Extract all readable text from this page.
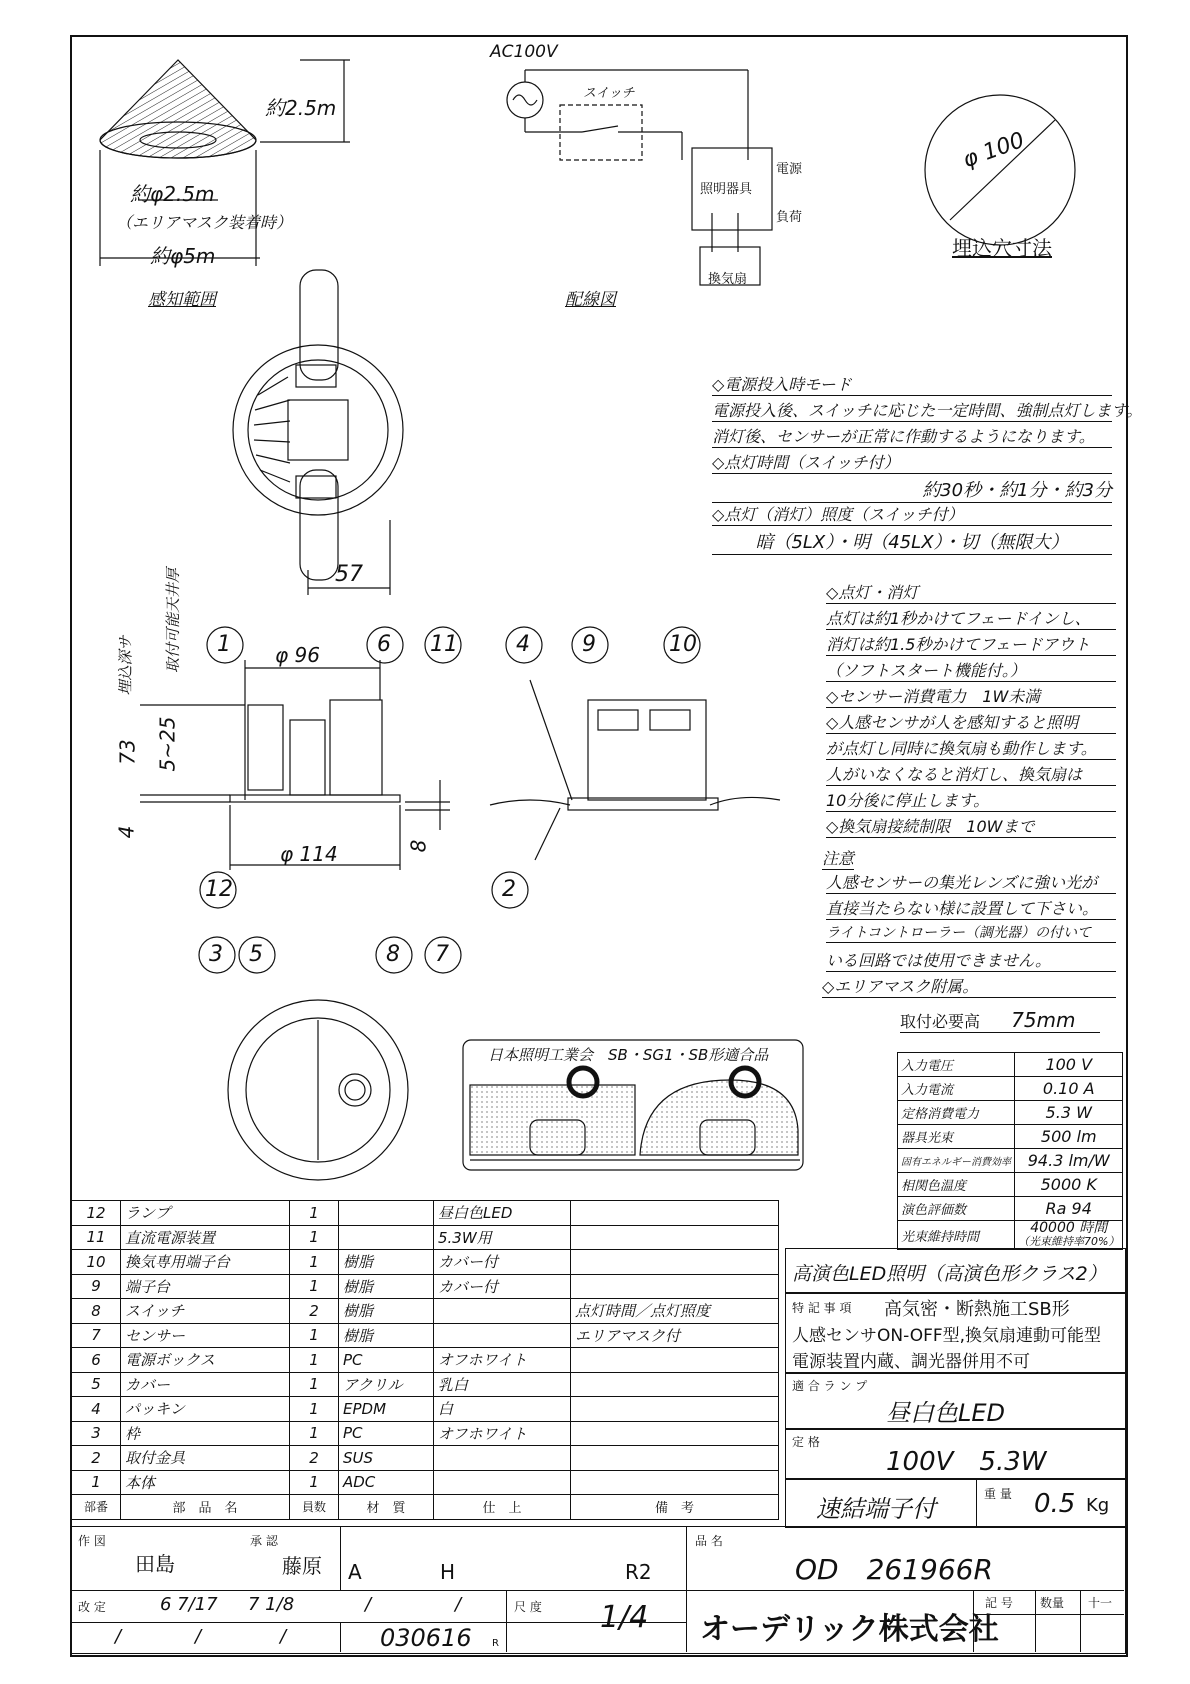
約2.5m
約φ2.5m
（エリアマスク装着時）
約φ5m
感知範囲
AC100V
スイッチ
照明器具
電源
負荷
換気扇
配線図
φ 100
埋込穴寸法
57
φ 96
φ 114
73 5~25
4
8
埋込深サ 取付可能天井厚 1	6 11	4 9	10
12	2
3 5	8 7
◇電源投入時モード
電源投入後、スイッチに応じた一定時間、強制点灯します。
消灯後、センサーが正常に作動するようになります。
◇点灯時間（スイッチ付）
約30秒・約1分・約3分
◇点灯（消灯）照度（スイッチ付）
暗（5LX）・明（45LX）・切（無限大）
◇点灯・消灯
点灯は約1秒かけてフェードインし、
消灯は約1.5秒かけてフェードアウト
（ソフトスタート機能付。）
◇センサー消費電力　1W未満
◇人感センサが人を感知すると照明
が点灯し同時に換気扇も動作します。
人がいなくなると消灯し、換気扇は
10分後に停止します。
◇換気扇接続制限　10Wまで
注意
人感センサーの集光レンズに強い光が
直接当たらない様に設置して下さい。
ライトコントローラー（調光器）の付いて
いる回路では使用できません。
◇エリアマスク附属。
取付必要高 75mm
日本照明工業会　SB・SG1・SB形適合品
入力電圧	100 V
入力電流	0.10 A
定格消費電力	5.3 W
器具光束	500 lm
固有エネルギー消費効率	94.3 lm/W
相関色温度	5000 K
演色評価数	Ra 94
光束維持時間	40000 時間
（光束維持率70%）
12	ランプ	1		昼白色LED	
11	直流電源装置	1		5.3W用	
10	換気専用端子台	1	樹脂	カバー付	
9	端子台	1	樹脂	カバー付	
8	スイッチ	2	樹脂		点灯時間／点灯照度
7	センサー	1	樹脂		エリアマスク付
6	電源ボックス	1	PC	オフホワイト	
5	カバー	1	アクリル	乳白	
4	パッキン	1	EPDM	白	
3	枠	1	PC	オフホワイト	
2	取付金具	2	SUS		
1	本体	1	ADC		
部番	部　品　名	員数	材　質	仕　上	備　考
高演色LED照明（高演色形クラス2）
特 記 事 項 高気密・断熱施工SB形
人感センサON-OFF型,換気扇連動可能型
電源装置内蔵、調光器併用不可
適 合 ラ ン プ
昼白色LED
定 格
100V　5.3W
速結端子付
重 量 0.5 Kg
作 図
田島
承 認
藤原 A	H	R2
品 名
OD　261966R
改 定	6 7/17 7 1/8	/	/
/	/	/	030616 R
尺 度 1/4 オーデリック株式会社
記 号 数量 十一
